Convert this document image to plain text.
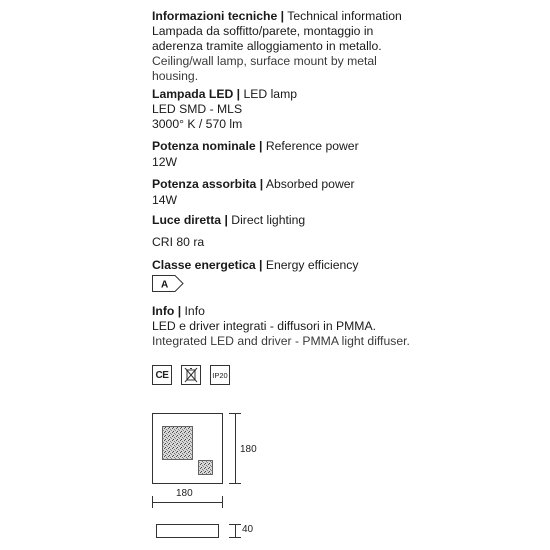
Informazioni tecniche | Technical information
Lampada da soffitto/parete, montaggio in
aderenza tramite alloggiamento in metallo.
Ceiling/wall lamp, surface mount by metal
housing.
Lampada LED | LED lamp
LED SMD - MLS
3000° K / 570 lm
Potenza nominale | Reference power
12W
Potenza assorbita | Absorbed power
14W
Luce diretta | Direct lighting
CRI 80 ra
Classe energetica | Energy efficiency
A
Info | Info
LED e driver integrati - diffusori in PMMA.
Integrated LED and driver - PMMA light diffuser.
CE	IP20
180
180
40
